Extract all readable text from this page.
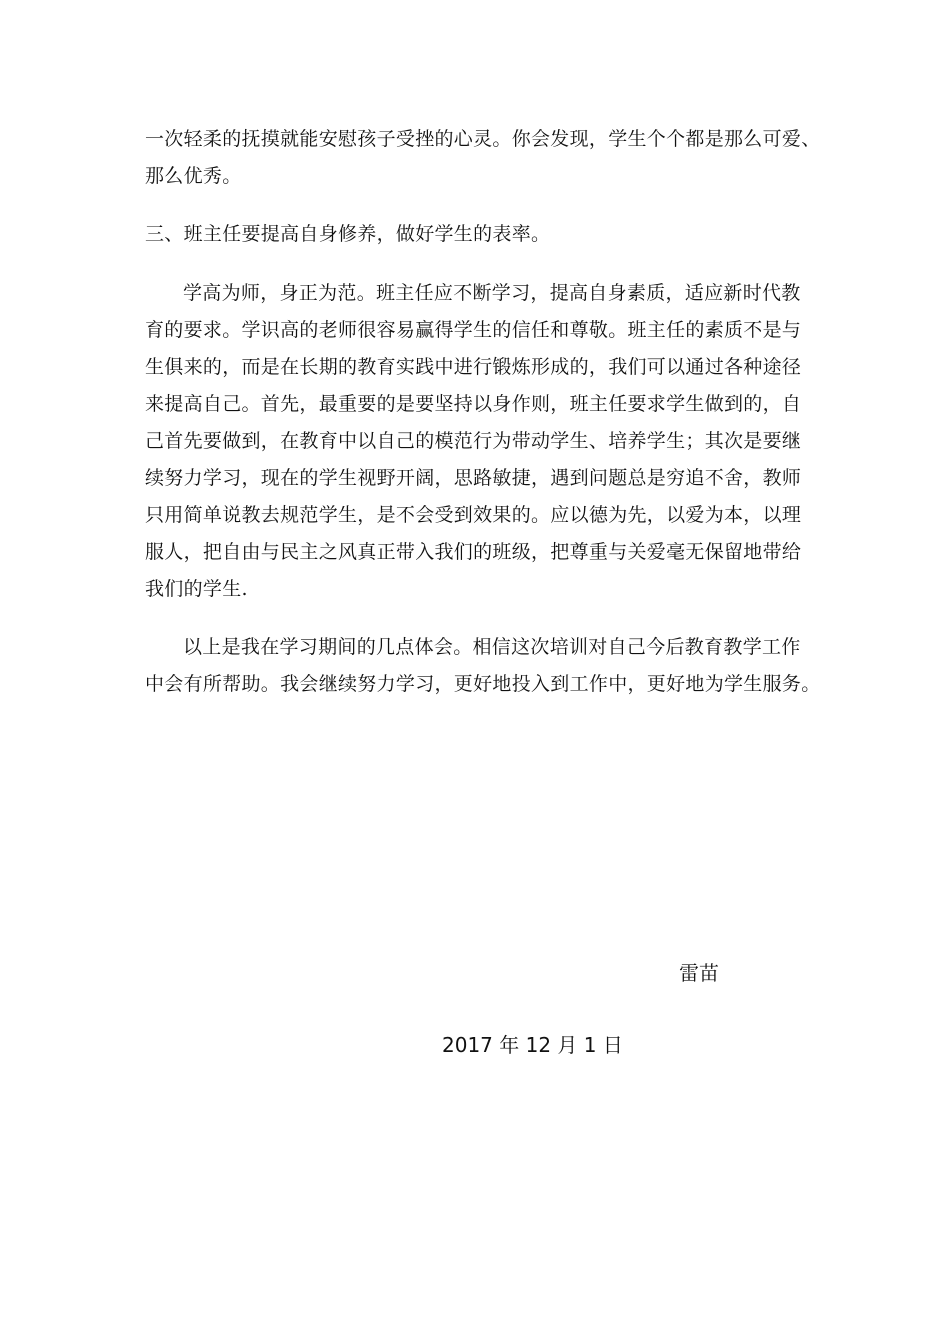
一次轻柔的抚摸就能安慰孩子受挫的心灵。你会发现，学生个个都是那么可爱、
那么优秀。
三、班主任要提高自身修养，做好学生的表率。
学高为师，身正为范。班主任应不断学习，提高自身素质，适应新时代教
育的要求。学识高的老师很容易赢得学生的信任和尊敬。班主任的素质不是与
生俱来的，而是在长期的教育实践中进行锻炼形成的，我们可以通过各种途径
来提高自己。首先，最重要的是要坚持以身作则，班主任要求学生做到的，自
己首先要做到，在教育中以自己的模范行为带动学生、培养学生；其次是要继
续努力学习，现在的学生视野开阔，思路敏捷，遇到问题总是穷追不舍，教师
只用简单说教去规范学生，是不会受到效果的。应以德为先，以爱为本，以理
服人，把自由与民主之风真正带入我们的班级，把尊重与关爱毫无保留地带给
我们的学生.
以上是我在学习期间的几点体会。相信这次培训对自己今后教育教学工作
中会有所帮助。我会继续努力学习，更好地投入到工作中，更好地为学生服务。
雷苗
2017 年 12 月 1 日
